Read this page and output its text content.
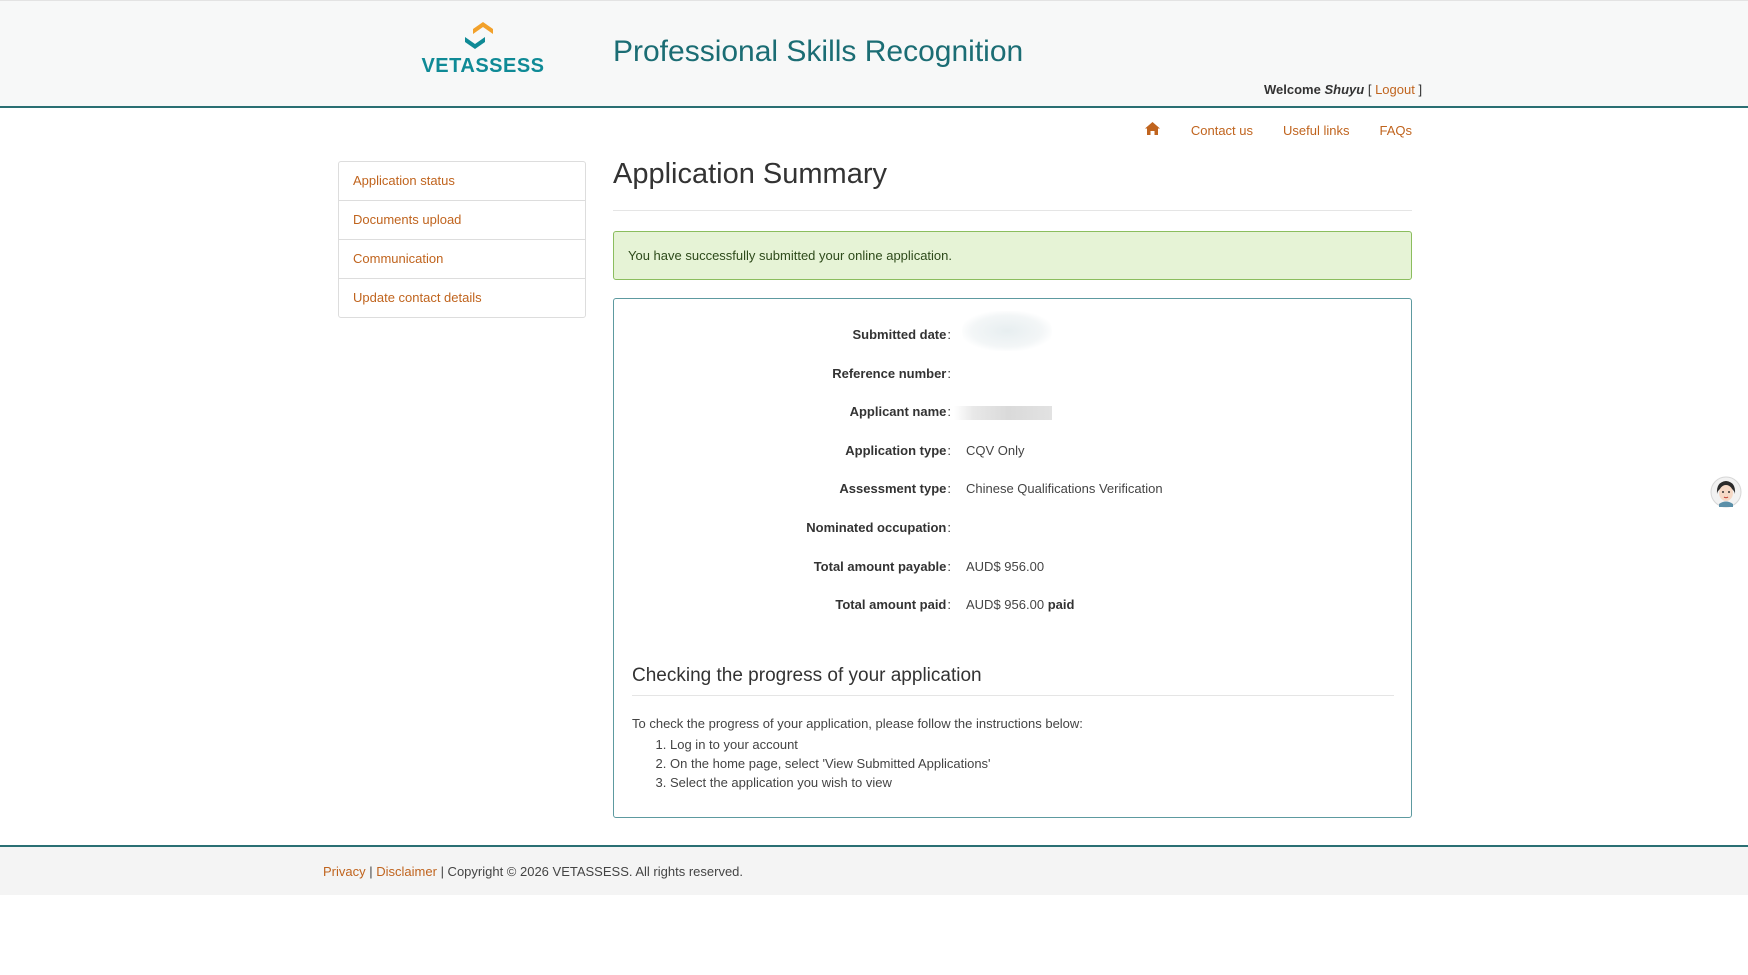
VETASSESS Professional Skills Recognition
Welcome Shuyu [ Logout ]
Contact us Useful links FAQs
Application status
Documents upload
Communication
Update contact details
Application Summary
You have successfully submitted your online application.
Submitted date :
Reference number :
Applicant name :
Application type :	CQV Only
Assessment type :	Chinese Qualifications Verification
Nominated occupation :
Total amount payable :	AUD$ 956.00
Total amount paid :	AUD$ 956.00 paid
Checking the progress of your application
To check the progress of your application, please follow the instructions below:
1. Log in to your account
2. On the home page, select 'View Submitted Applications'
3. Select the application you wish to view
Privacy | Disclaimer | Copyright © 2026 VETASSESS. All rights reserved.
